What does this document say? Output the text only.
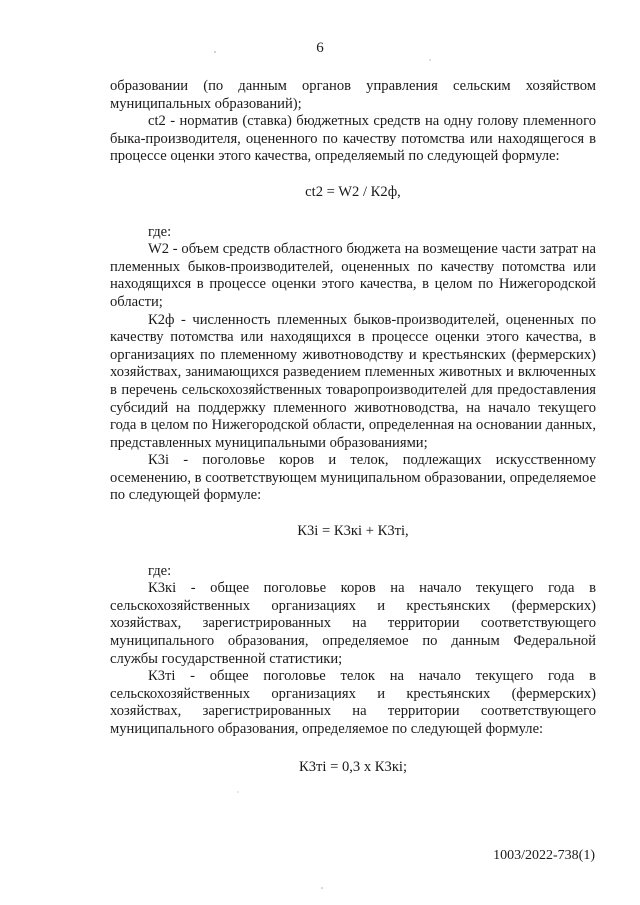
6

образовании (по данным органов управления сельским хозяйством муниципальных образований);

ct2 - норматив (ставка) бюджетных средств на одну голову племенного быка-производителя, оцененного по качеству потомства или находящегося в процессе оценки этого качества, определяемый по следующей формуле:

ct2 = W2 / К2ф,

где:

W2 - объем средств областного бюджета на возмещение части затрат на племенных быков-производителей, оцененных по качеству потомства или находящихся в процессе оценки этого качества, в целом по Нижегородской области;

К2ф - численность племенных быков-производителей, оцененных по качеству потомства или находящихся в процессе оценки этого качества, в организациях по племенному животноводству и крестьянских (фермерских) хозяйствах, занимающихся разведением племенных животных и включенных в перечень сельскохозяйственных товаропроизводителей для предоставления субсидий на поддержку племенного животноводства, на начало текущего года в целом по Нижегородской области, определенная на основании данных, представленных муниципальными образованиями;

К3i - поголовье коров и телок, подлежащих искусственному осеменению, в соответствующем муниципальном образовании, определяемое по следующей формуле:

К3i = К3кi + К3тi,

где:

К3кi - общее поголовье коров на начало текущего года в сельскохозяйственных организациях и крестьянских (фермерских) хозяйствах, зарегистрированных на территории соответствующего муниципального образования, определяемое по данным Федеральной службы государственной статистики;

К3тi - общее поголовье телок на начало текущего года в сельскохозяйственных организациях и крестьянских (фермерских) хозяйствах, зарегистрированных на территории соответствующего муниципального образования, определяемое по следующей формуле:

К3тi = 0,3 х К3кi;

1003/2022-738(1)
